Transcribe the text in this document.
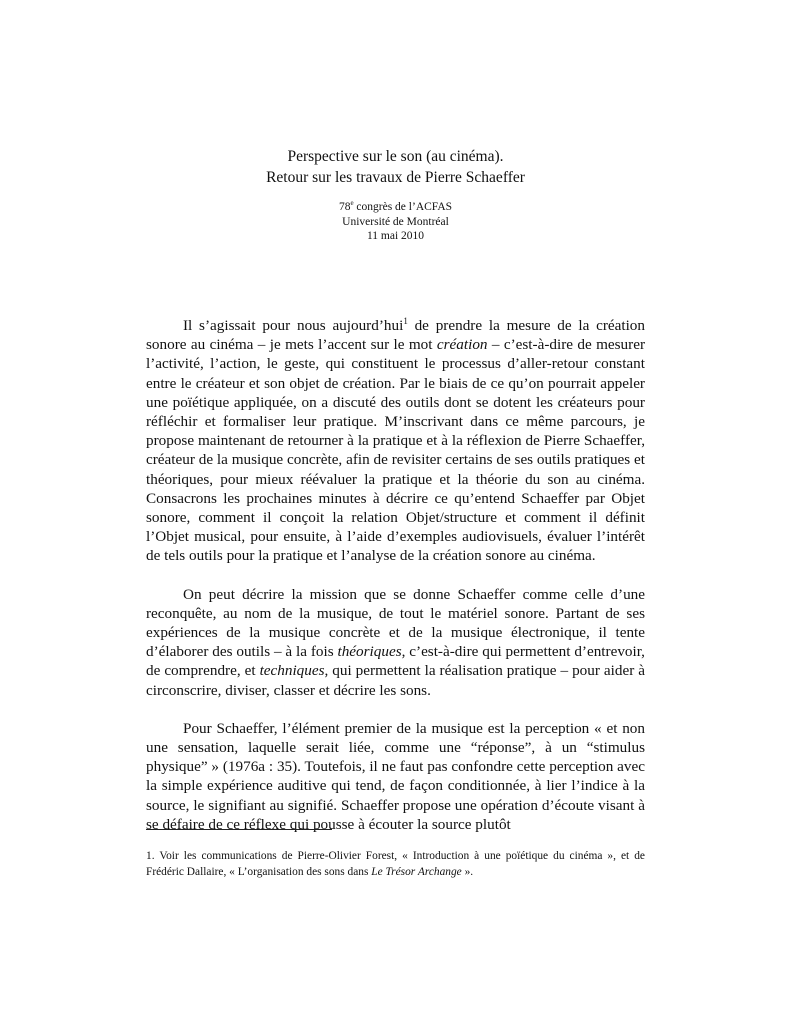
Perspective sur le son (au cinéma).
Retour sur les travaux de Pierre Schaeffer
78e congrès de l’ACFAS
Université de Montréal
11 mai 2010

Il s’agissait pour nous aujourd’hui$^1$ de prendre la mesure de la création sonore au cinéma – je mets l’accent sur le mot création – c’est-à-dire de mesurer l’activité, l’action, le geste, qui constituent le processus d’aller-retour constant entre le créateur et son objet de création. Par le biais de ce qu’on pourrait appeler une poïétique appliquée, on a discuté des outils dont se dotent les créateurs pour réfléchir et formaliser leur pratique. M’inscrivant dans ce même parcours, je propose maintenant de retourner à la pratique et à la réflexion de Pierre Schaeffer, créateur de la musique concrète, afin de revisiter certains de ses outils pratiques et théoriques, pour mieux réévaluer la pratique et la théorie du son au cinéma. Consacrons les prochaines minutes à décrire ce qu’entend Schaeffer par Objet sonore, comment il conçoit la relation Objet/structure et comment il définit l’Objet musical, pour ensuite, à l’aide d’exemples audiovisuels, évaluer l’intérêt de tels outils pour la pratique et l’analyse de la création sonore au cinéma.

On peut décrire la mission que se donne Schaeffer comme celle d’une reconquête, au nom de la musique, de tout le matériel sonore. Partant de ses expériences de la musique concrète et de la musique électronique, il tente d’élaborer des outils – à la fois théoriques, c’est-à-dire qui permettent d’entrevoir, de comprendre, et techniques, qui permettent la réalisation pratique – pour aider à circonscrire, diviser, classer et décrire les sons.

Pour Schaeffer, l’élément premier de la musique est la perception « et non une sensation, laquelle serait liée, comme une “réponse”, à un “stimulus physique” » (1976a : 35). Toutefois, il ne faut pas confondre cette perception avec la simple expérience auditive qui tend, de façon conditionnée, à lier l’indice à la source, le signifiant au signifié. Schaeffer propose une opération d’écoute visant à se défaire de ce réflexe qui pousse à écouter la source plutôt

1. Voir les communications de Pierre-Olivier Forest, « Introduction à une poïétique du cinéma », et de Frédéric Dallaire, « L’organisation des sons dans Le Trésor Archange ».
